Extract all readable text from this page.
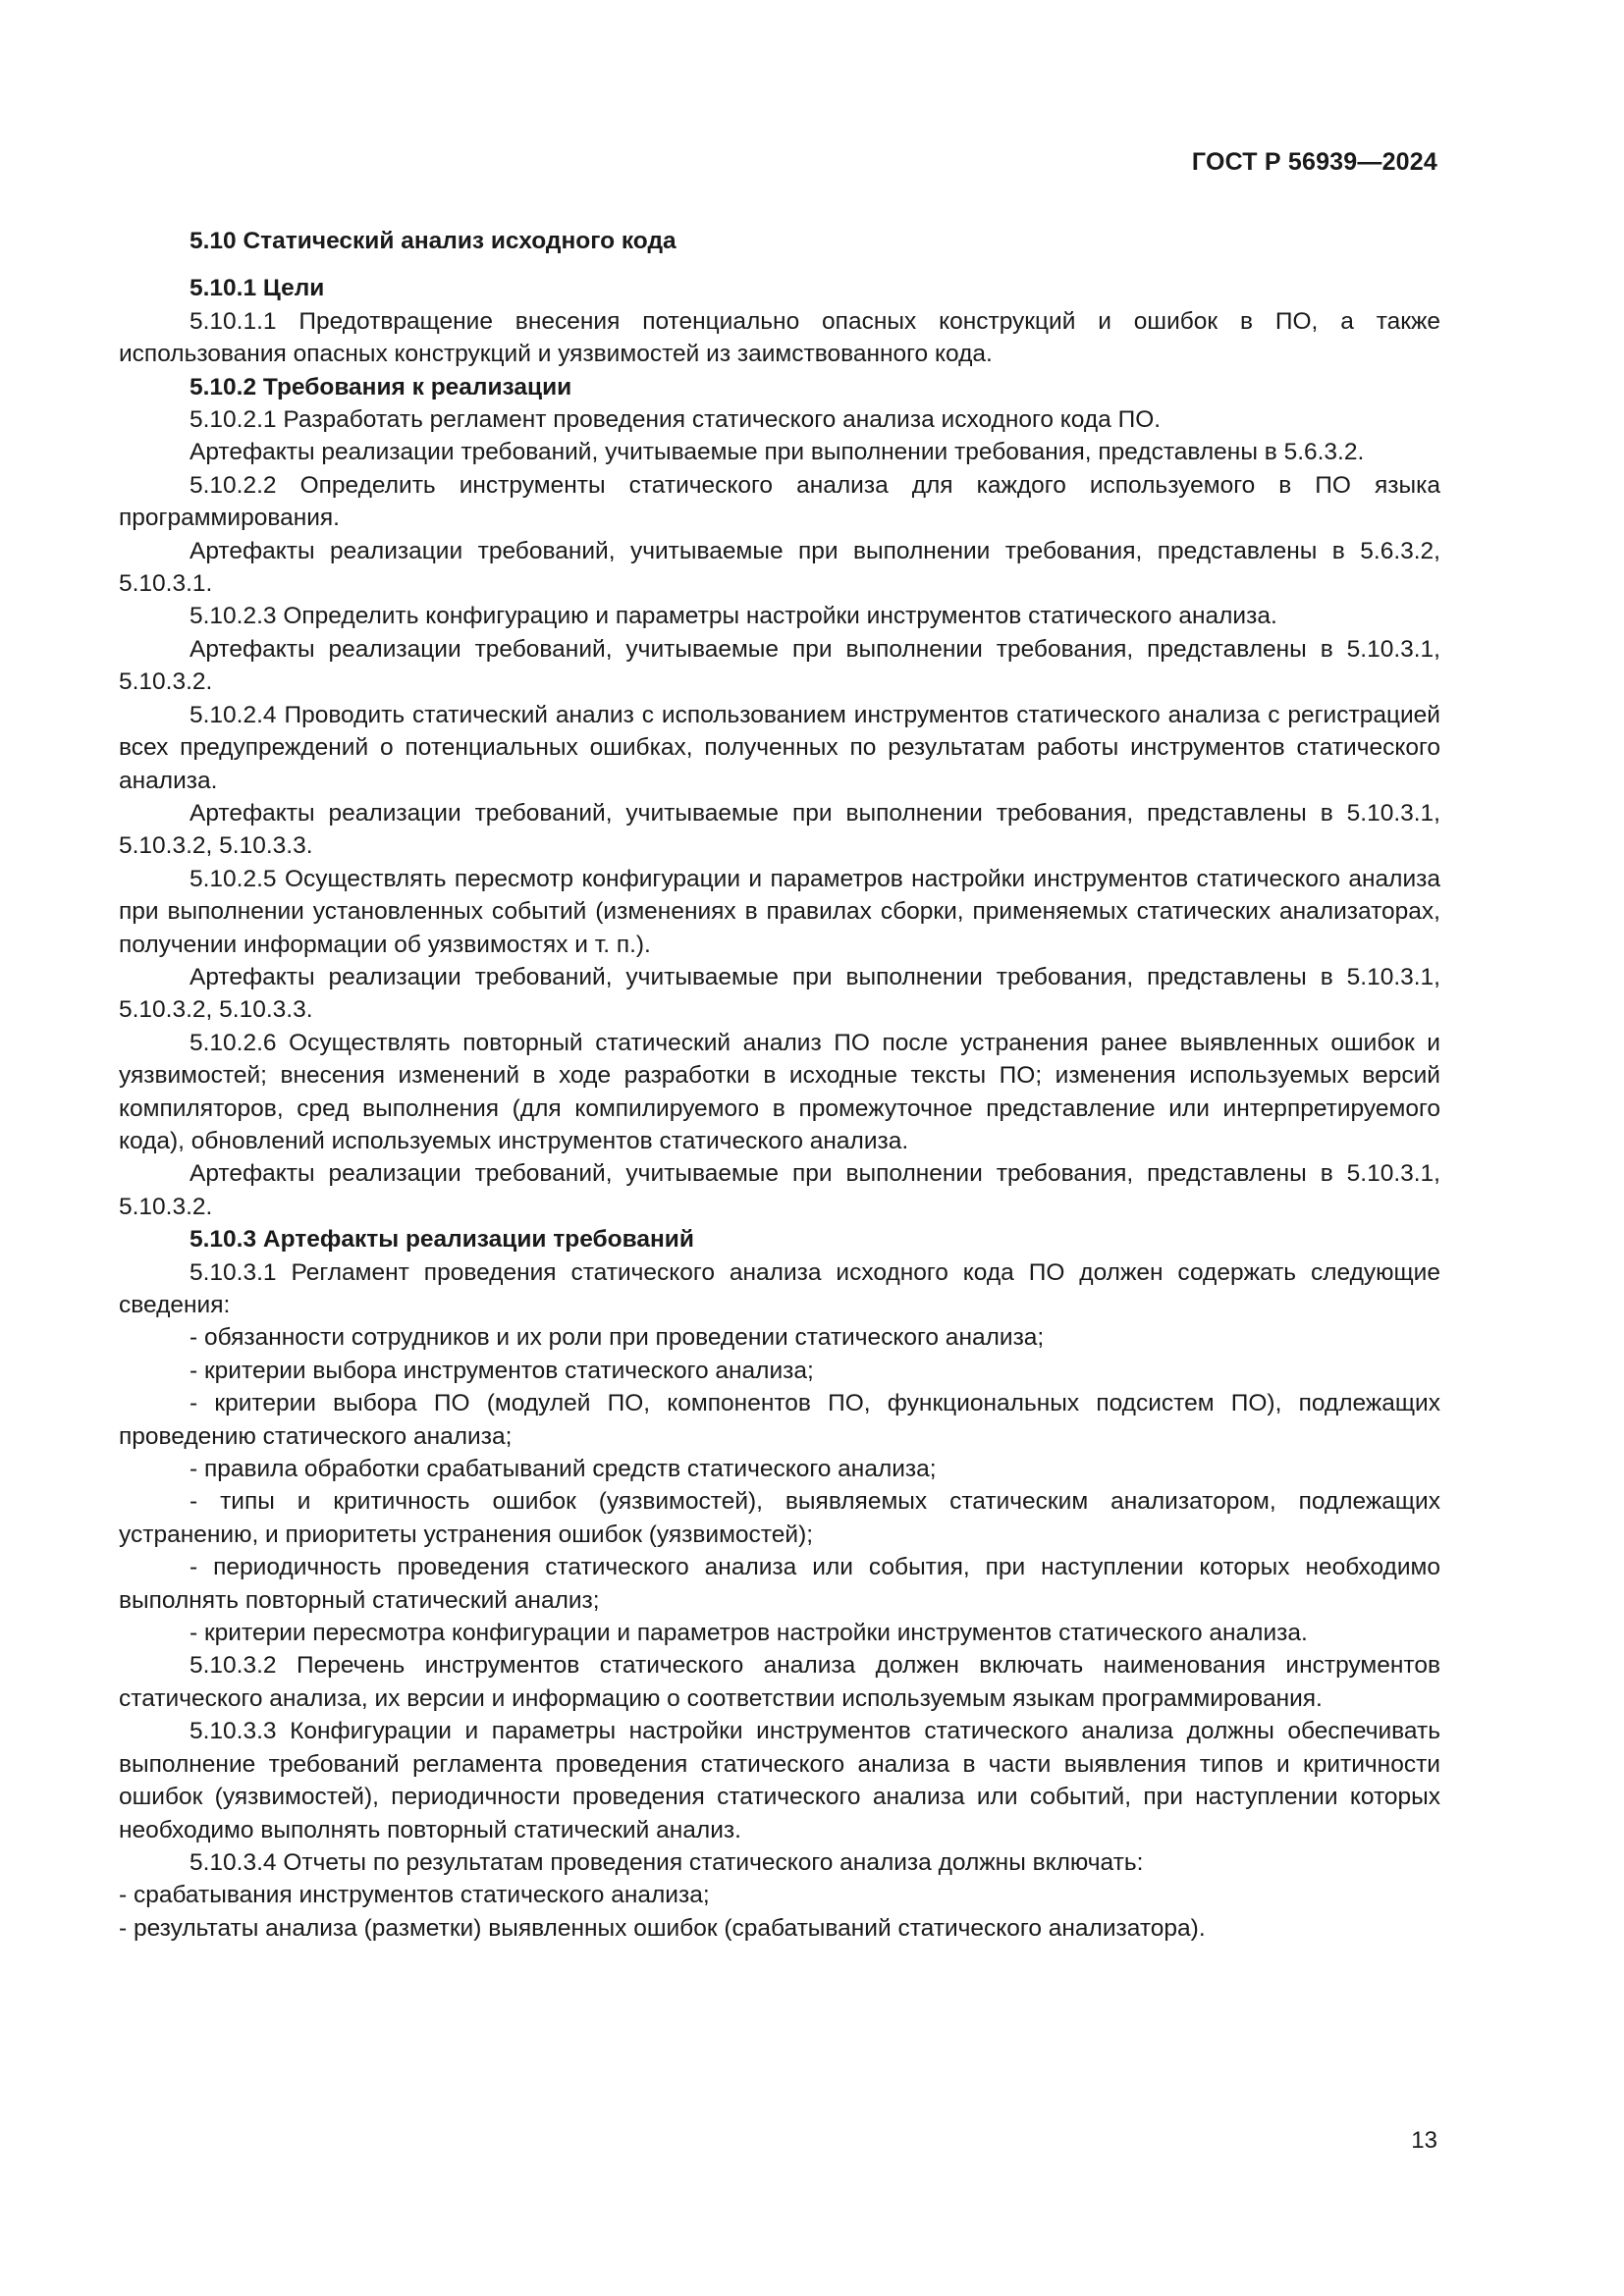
ГОСТ Р 56939—2024

5.10 Статический анализ исходного кода

5.10.1 Цели

5.10.1.1 Предотвращение внесения потенциально опасных конструкций и ошибок в ПО, а также использования опасных конструкций и уязвимостей из заимствованного кода.

5.10.2 Требования к реализации

5.10.2.1 Разработать регламент проведения статического анализа исходного кода ПО.

Артефакты реализации требований, учитываемые при выполнении требования, представлены в 5.6.3.2.

5.10.2.2 Определить инструменты статического анализа для каждого используемого в ПО языка программирования.

Артефакты реализации требований, учитываемые при выполнении требования, представлены в 5.6.3.2, 5.10.3.1.

5.10.2.3 Определить конфигурацию и параметры настройки инструментов статического анализа.

Артефакты реализации требований, учитываемые при выполнении требования, представлены в 5.10.3.1, 5.10.3.2.

5.10.2.4 Проводить статический анализ с использованием инструментов статического анализа с регистрацией всех предупреждений о потенциальных ошибках, полученных по результатам работы инструментов статического анализа.

Артефакты реализации требований, учитываемые при выполнении требования, представлены в 5.10.3.1, 5.10.3.2, 5.10.3.3.

5.10.2.5 Осуществлять пересмотр конфигурации и параметров настройки инструментов статического анализа при выполнении установленных событий (изменениях в правилах сборки, применяемых статических анализаторах, получении информации об уязвимостях и т. п.).

Артефакты реализации требований, учитываемые при выполнении требования, представлены в 5.10.3.1, 5.10.3.2, 5.10.3.3.

5.10.2.6 Осуществлять повторный статический анализ ПО после устранения ранее выявленных ошибок и уязвимостей; внесения изменений в ходе разработки в исходные тексты ПО; изменения используемых версий компиляторов, сред выполнения (для компилируемого в промежуточное представление или интерпретируемого кода), обновлений используемых инструментов статического анализа.

Артефакты реализации требований, учитываемые при выполнении требования, представлены в 5.10.3.1, 5.10.3.2.

5.10.3 Артефакты реализации требований

5.10.3.1 Регламент проведения статического анализа исходного кода ПО должен содержать следующие сведения:

- обязанности сотрудников и их роли при проведении статического анализа;

- критерии выбора инструментов статического анализа;

- критерии выбора ПО (модулей ПО, компонентов ПО, функциональных подсистем ПО), подлежащих проведению статического анализа;

- правила обработки срабатываний средств статического анализа;

- типы и критичность ошибок (уязвимостей), выявляемых статическим анализатором, подлежащих устранению, и приоритеты устранения ошибок (уязвимостей);

- периодичность проведения статического анализа или события, при наступлении которых необходимо выполнять повторный статический анализ;

- критерии пересмотра конфигурации и параметров настройки инструментов статического анализа.

5.10.3.2 Перечень инструментов статического анализа должен включать наименования инструментов статического анализа, их версии и информацию о соответствии используемым языкам программирования.

5.10.3.3 Конфигурации и параметры настройки инструментов статического анализа должны обеспечивать выполнение требований регламента проведения статического анализа в части выявления типов и критичности ошибок (уязвимостей), периодичности проведения статического анализа или событий, при наступлении которых необходимо выполнять повторный статический анализ.

5.10.3.4 Отчеты по результатам проведения статического анализа должны включать:

- срабатывания инструментов статического анализа;

- результаты анализа (разметки) выявленных ошибок (срабатываний статического анализатора).

13
